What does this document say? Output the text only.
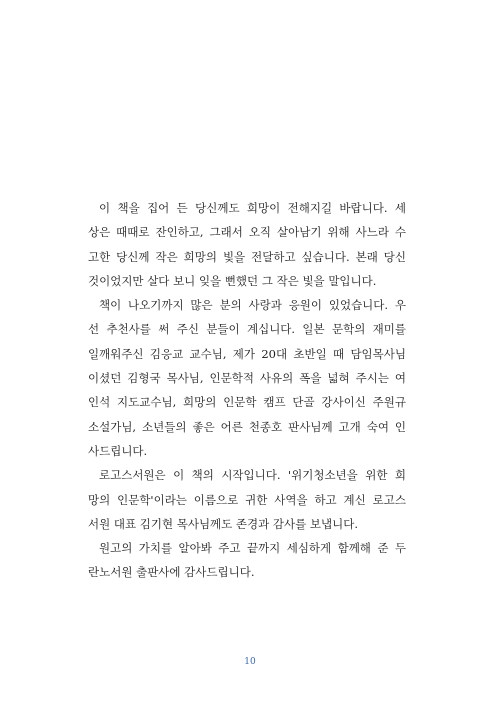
이 책을 집어 든 당신께도 희망이 전해지길 바랍니다. 세
상은 때때로 잔인하고, 그래서 오직 살아남기 위해 사느라 수
고한 당신께 작은 희망의 빛을 전달하고 싶습니다. 본래 당신
것이었지만 살다 보니 잊을 뻔했던 그 작은 빛을 말입니다.
책이 나오기까지 많은 분의 사랑과 응원이 있었습니다. 우
선 추천사를 써 주신 분들이 계십니다. 일본 문학의 재미를
일깨워주신 김응교 교수님, 제가 20대 초반일 때 담임목사님
이셨던 김형국 목사님, 인문학적 사유의 폭을 넓혀 주시는 여
인석 지도교수님, 희망의 인문학 캠프 단골 강사이신 주원규
소설가님, 소년들의 좋은 어른 천종호 판사님께 고개 숙여 인
사드립니다.
로고스서원은 이 책의 시작입니다. '위기청소년을 위한 희
망의 인문학'이라는 이름으로 귀한 사역을 하고 계신 로고스
서원 대표 김기현 목사님께도 존경과 감사를 보냅니다.
원고의 가치를 알아봐 주고 끝까지 세심하게 함께해 준 두
란노서원 출판사에 감사드립니다.
10
